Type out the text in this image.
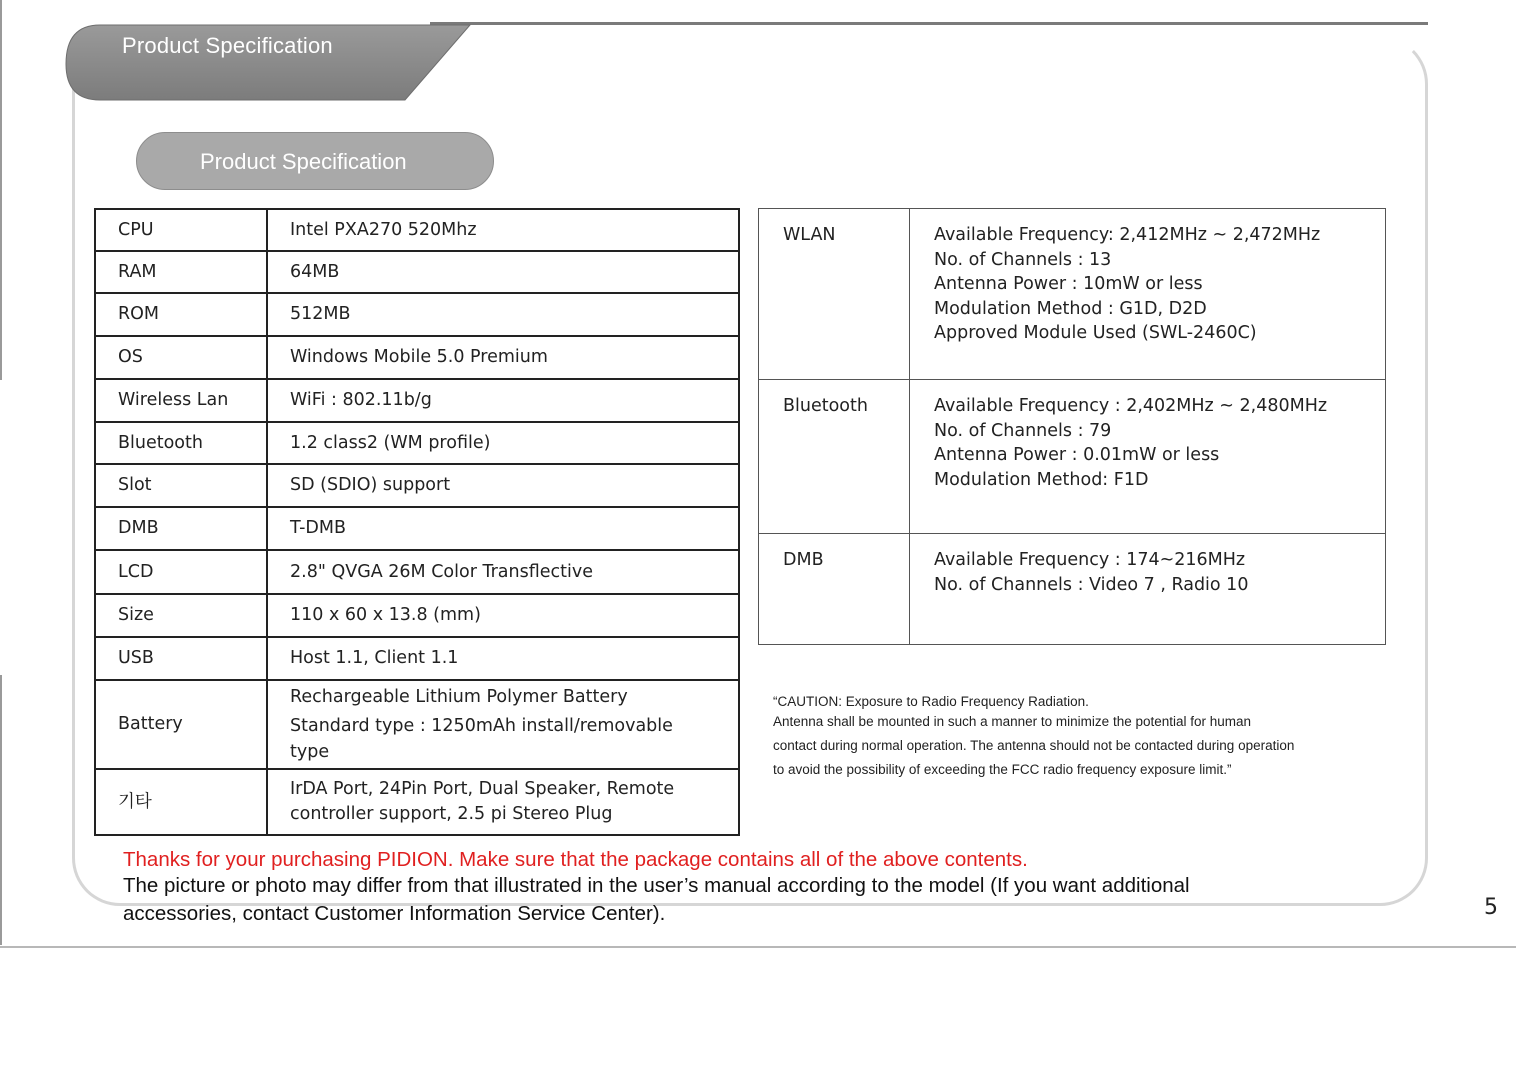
Product Specification
Product Specification
CPU	Intel PXA270 520Mhz
RAM	64MB
ROM	512MB
OS	Windows Mobile 5.0 Premium
Wireless Lan	WiFi : 802.11b/g
Bluetooth	1.2 class2 (WM profile)
Slot	SD (SDIO) support
DMB	T-DMB
LCD	2.8" QVGA 26M Color Transflective
Size	110 x 60 x 13.8 (mm)
USB	Host 1.1, Client 1.1
Battery	Rechargeable Lithium Polymer Battery
Standard type : 1250mAh install/removable
type

기타	IrDA Port, 24Pin Port, Dual Speaker, Remote
controller support, 2.5 pi Stereo Plug
WLAN	Available Frequency: 2,412MHz ~ 2,472MHz
No. of Channels : 13
Antenna Power : 10mW or less
Modulation Method : G1D, D2D
Approved Module Used (SWL-2460C)

Bluetooth	Available Frequency : 2,402MHz ~ 2,480MHz
No. of Channels : 79
Antenna Power : 0.01mW or less
Modulation Method: F1D

DMB	Available Frequency : 174~216MHz
No. of Channels : Video 7 , Radio 10
“CAUTION: Exposure to Radio Frequency Radiation.
Antenna shall be mounted in such a manner to minimize the potential for human
contact during normal operation. The antenna should not be contacted during operation
to avoid the possibility of exceeding the FCC radio frequency exposure limit.”
Thanks for your purchasing PIDION. Make sure that the package contains all of the above contents.
The picture or photo may differ from that illustrated in the user’s manual according to the model (If you want additional
accessories, contact Customer Information Service Center).	5
